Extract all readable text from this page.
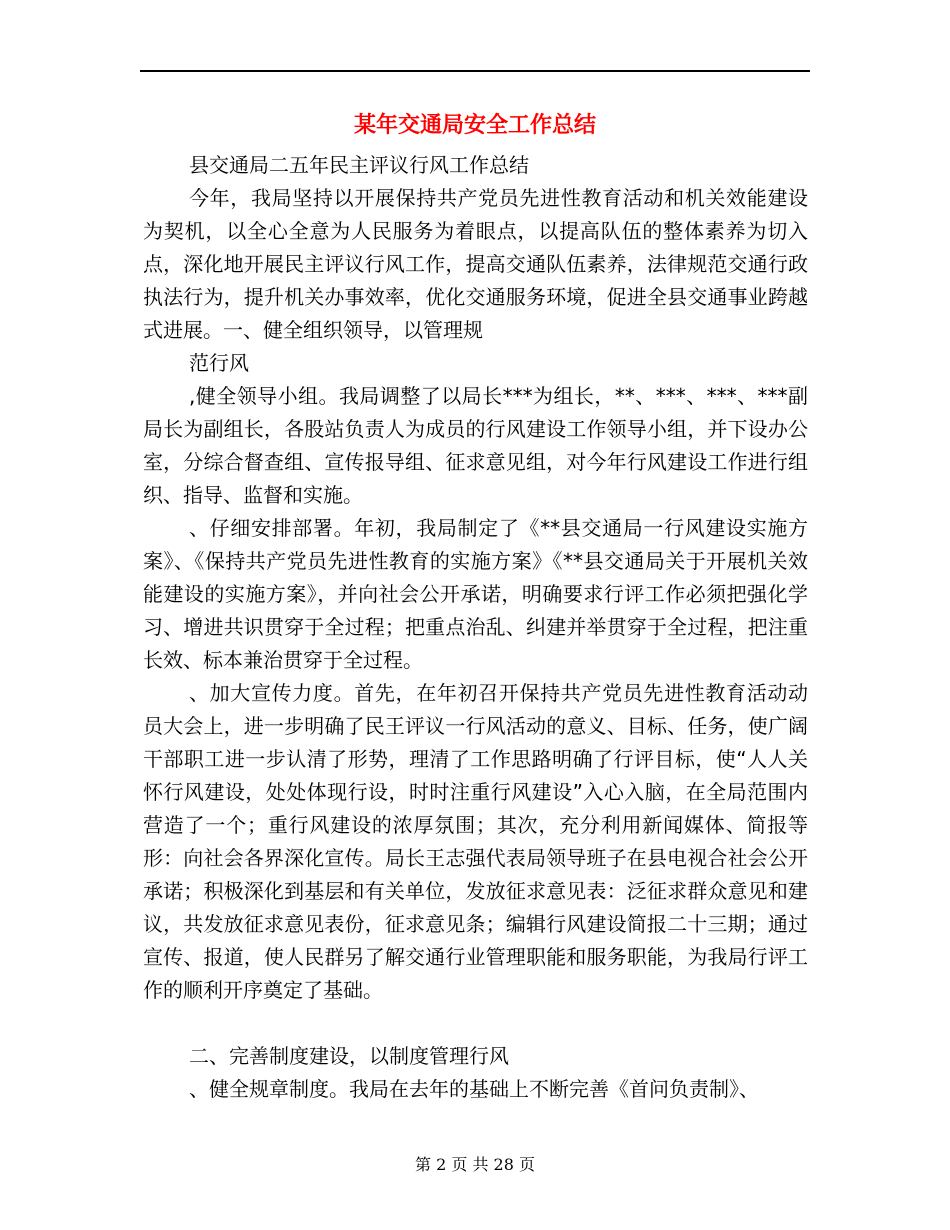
某年交通局安全工作总结

县交通局二五年民主评议行风工作总结

今年，我局坚持以开展保持共产党员先进性教育活动和机关效能建设为契机，以全心全意为人民服务为着眼点，以提高队伍的整体素养为切入点，深化地开展民主评议行风工作，提高交通队伍素养，法律规范交通行政执法行为，提升机关办事效率，优化交通服务环境，促进全县交通事业跨越式进展。一、健全组织领导，以管理规

范行风

,健全领导小组。我局调整了以局长***为组长，**、***、***、***副局长为副组长，各股站负责人为成员的行风建设工作领导小组，并下设办公室，分综合督查组、宣传报导组、征求意见组，对今年行风建设工作进行组织、指导、监督和实施。

、仔细安排部署。年初，我局制定了《**县交通局一行风建设实施方案》、《保持共产党员先进性教育的实施方案》《**县交通局关于开展机关效能建设的实施方案》，并向社会公开承诺，明确要求行评工作必须把强化学习、增进共识贯穿于全过程；把重点治乱、纠建并举贯穿于全过程，把注重长效、标本兼治贯穿于全过程。

、加大宣传力度。首先，在年初召开保持共产党员先进性教育活动动员大会上，进一步明确了民王评议一行风活动的意义、目标、任务，使广阔干部职工进一步认清了形势，理清了工作思路明确了行评目标，使“人人关怀行风建设，处处体现行设，时时注重行风建设”入心入脑，在全局范围内营造了一个；重行风建设的浓厚氛围；其次，充分利用新闻媒体、简报等形：向社会各界深化宣传。局长王志强代表局领导班子在县电视合社会公开承诺；积极深化到基层和有关单位，发放征求意见表：泛征求群众意见和建议，共发放征求意见表份，征求意见条；编辑行风建设简报二十三期；通过宣传、报道，使人民群另了解交通行业管理职能和服务职能，为我局行评工作的顺利开序奠定了基础。

二、完善制度建设，以制度管理行风

、健全规章制度。我局在去年的基础上不断完善《首问负责制》、

第 2 页 共 28 页
